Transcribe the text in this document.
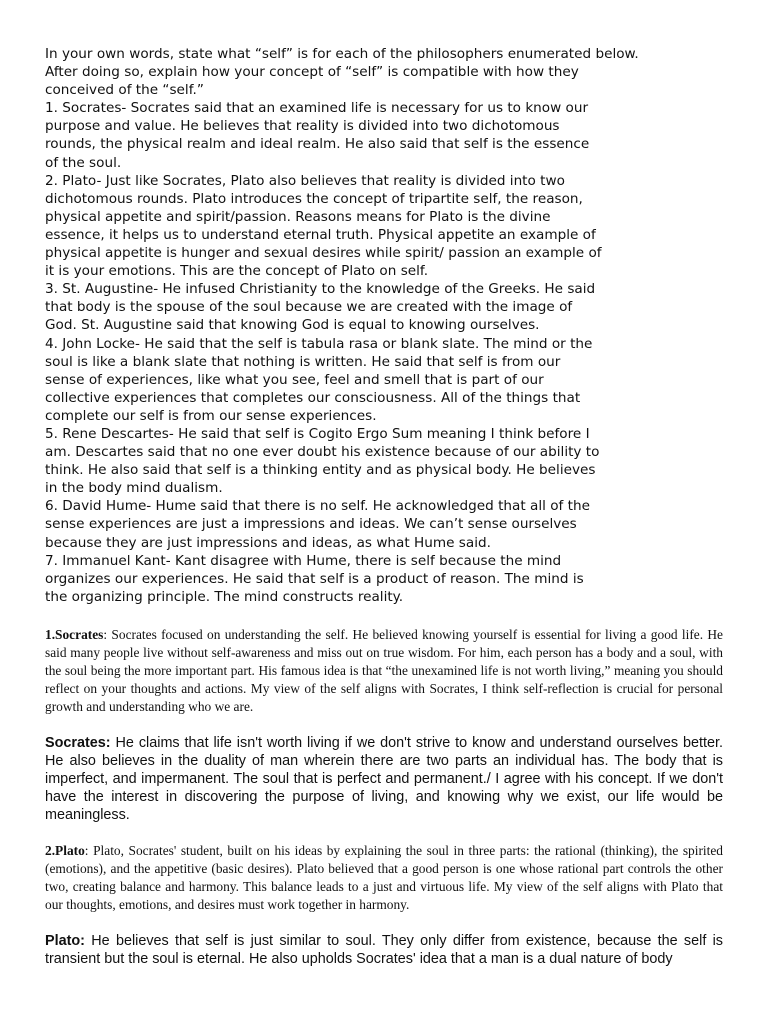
In your own words, state what “self” is for each of the philosophers enumerated below.

After doing so, explain how your concept of “self” is compatible with how they

conceived of the “self.”

1. Socrates- Socrates said that an examined life is necessary for us to know our

purpose and value. He believes that reality is divided into two dichotomous

rounds, the physical realm and ideal realm. He also said that self is the essence

of the soul.

2. Plato- Just like Socrates, Plato also believes that reality is divided into two

dichotomous rounds. Plato introduces the concept of tripartite self, the reason,

physical appetite and spirit/passion. Reasons means for Plato is the divine

essence, it helps us to understand eternal truth. Physical appetite an example of

physical appetite is hunger and sexual desires while spirit/ passion an example of

it is your emotions. This are the concept of Plato on self.

3. St. Augustine- He infused Christianity to the knowledge of the Greeks. He said

that body is the spouse of the soul because we are created with the image of

God. St. Augustine said that knowing God is equal to knowing ourselves.

4. John Locke- He said that the self is tabula rasa or blank slate. The mind or the

soul is like a blank slate that nothing is written. He said that self is from our

sense of experiences, like what you see, feel and smell that is part of our

collective experiences that completes our consciousness. All of the things that

complete our self is from our sense experiences.

5. Rene Descartes- He said that self is Cogito Ergo Sum meaning I think before I

am. Descartes said that no one ever doubt his existence because of our ability to

think. He also said that self is a thinking entity and as physical body. He believes

in the body mind dualism.

6. David Hume- Hume said that there is no self. He acknowledged that all of the

sense experiences are just a impressions and ideas. We can’t sense ourselves

because they are just impressions and ideas, as what Hume said.

7. Immanuel Kant- Kant disagree with Hume, there is self because the mind

organizes our experiences. He said that self is a product of reason. The mind is

the organizing principle. The mind constructs reality.

1.Socrates: Socrates focused on understanding the self. He believed knowing yourself is essential for living a good life. He said many people live without self-awareness and miss out on true wisdom. For him, each person has a body and a soul, with the soul being the more important part. His famous idea is that “the unexamined life is not worth living,” meaning you should reflect on your thoughts and actions. My view of the self aligns with Socrates, I think self-reflection is crucial for personal growth and understanding who we are.

Socrates: He claims that life isn't worth living if we don't strive to know and understand ourselves better. He also believes in the duality of man wherein there are two parts an individual has. The body that is imperfect, and impermanent. The soul that is perfect and permanent./ I agree with his concept. If we don't have the interest in discovering the purpose of living, and knowing why we exist, our life would be meaningless.

2.Plato: Plato, Socrates' student, built on his ideas by explaining the soul in three parts: the rational (thinking), the spirited (emotions), and the appetitive (basic desires). Plato believed that a good person is one whose rational part controls the other two, creating balance and harmony. This balance leads to a just and virtuous life. My view of the self aligns with Plato that our thoughts, emotions, and desires must work together in harmony.

Plato: He believes that self is just similar to soul. They only differ from existence, because the self is transient but the soul is eternal. He also upholds Socrates' idea that a man is a dual nature of body
